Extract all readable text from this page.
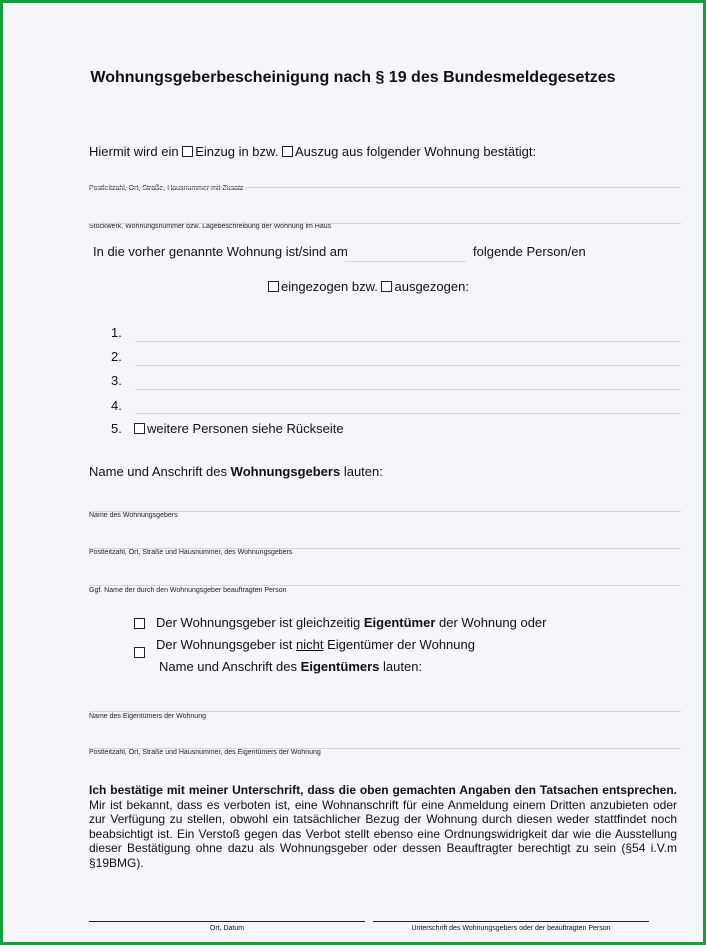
Wohnungsgeberbescheinigung nach § 19 des Bundesmeldegesetzes
Hiermit wird ein Einzug in bzw. Auszug aus folgender Wohnung bestätigt:
Postleitzahl, Ort, Straße, Hausnummer mit Zusatz
Stockwerk, Wohnungsnummer bzw. Lagebeschreibung der Wohnung im Haus
In die vorher genannte Wohnung ist/sind am	folgende Person/en
eingezogen bzw. ausgezogen:
1.
2.
3.
4.
5.	weitere Personen siehe Rückseite
Name und Anschrift des Wohnungsgebers lauten:
Name des Wohnungsgebers
Postleitzahl, Ort, Straße und Hausnummer, des Wohnungsgebers
Ggf. Name der durch den Wohnungsgeber beauftragten Person
Der Wohnungsgeber ist gleichzeitig Eigentümer der Wohnung oder
Der Wohnungsgeber ist nicht Eigentümer der Wohnung
Name und Anschrift des Eigentümers lauten:
Name des Eigentümers der Wohnung
Postleitzahl, Ort, Straße und Hausnummer, des Eigentümers der Wohnung
Ich bestätige mit meiner Unterschrift, dass die oben gemachten Angaben den Tatsachen entsprechen. Mir ist bekannt, dass es verboten ist, eine Wohnanschrift für eine Anmeldung einem Dritten anzubieten oder zur Verfügung zu stellen, obwohl ein tatsächlicher Bezug der Wohnung durch diesen weder stattfindet noch beabsichtigt ist. Ein Verstoß gegen das Verbot stellt ebenso eine Ordnungswidrigkeit dar wie die Ausstellung dieser Bestätigung ohne dazu als Wohnungsgeber oder dessen Beauftragter berechtigt zu sein (§54 i.V.m §19BMG).
Ort, Datum	Unterschrift des Wohnungsgebers oder der beauftragten Person
